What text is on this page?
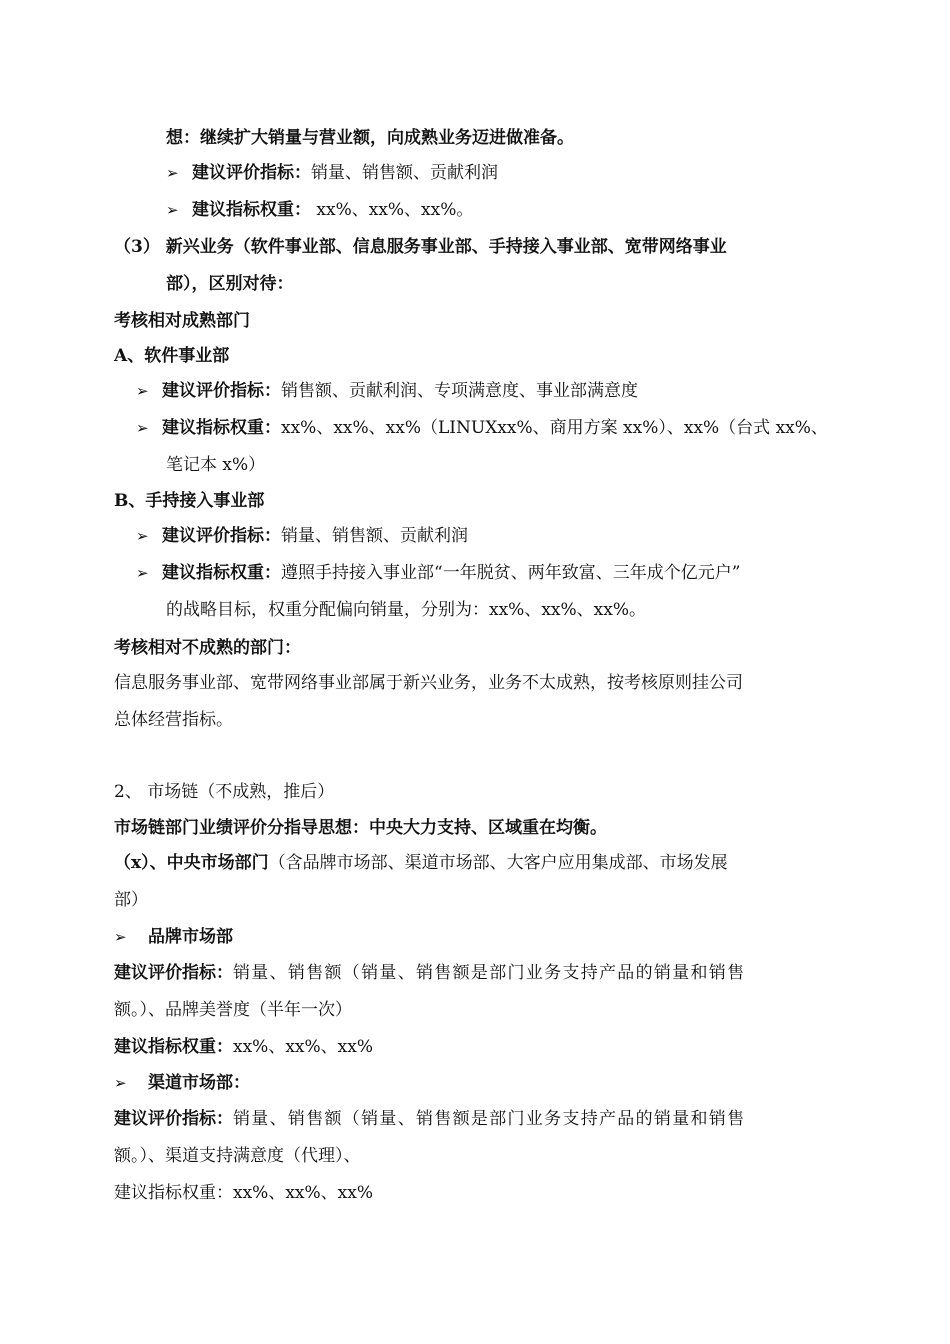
想：继续扩大销量与营业额，向成熟业务迈进做准备。
➢ 建议评价指标：销量、销售额、贡献利润
➢ 建议指标权重： xx%、xx%、xx%。
（3） 新兴业务（软件事业部、信息服务事业部、手持接入事业部、宽带网络事业
部），区别对待：
考核相对成熟部门
A、软件事业部
➢ 建议评价指标：销售额、贡献利润、专项满意度、事业部满意度
➢ 建议指标权重：xx%、xx%、xx%（LINUXxx%、商用方案 xx%）、xx%（台式 xx%、
笔记本 x%）
B、手持接入事业部
➢ 建议评价指标：销量、销售额、贡献利润
➢ 建议指标权重：遵照手持接入事业部“一年脱贫、两年致富、三年成个亿元户”
的战略目标，权重分配偏向销量，分别为：xx%、xx%、xx%。
考核相对不成熟的部门：
信息服务事业部、宽带网络事业部属于新兴业务，业务不太成熟，按考核原则挂公司
总体经营指标。
2、 市场链（不成熟，推后）
市场链部门业绩评价分指导思想：中央大力支持、区域重在均衡。
（x）、中央市场部门（含品牌市场部、渠道市场部、大客户应用集成部、市场发展
部）
➢ 品牌市场部
建议评价指标：销量、销售额（销量、销售额是部门业务支持产品的销量和销售
额。）、品牌美誉度（半年一次）
建议指标权重：xx%、xx%、xx%
➢ 渠道市场部：
建议评价指标：销量、销售额（销量、销售额是部门业务支持产品的销量和销售
额。）、渠道支持满意度（代理）、
建议指标权重：xx%、xx%、xx%
